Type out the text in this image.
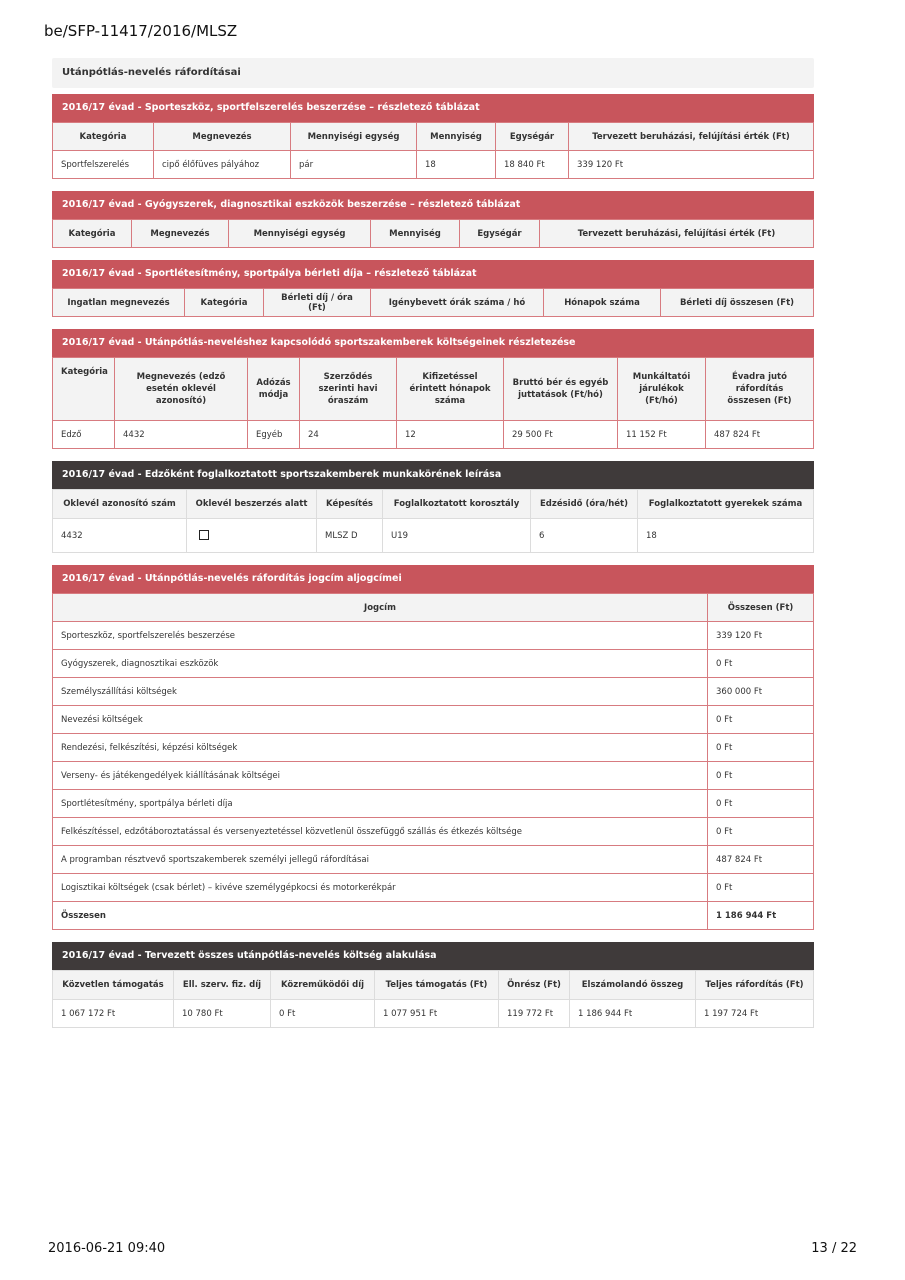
be/SFP-11417/2016/MLSZ
Utánpótlás-nevelés ráfordításai
2016/17 évad - Sporteszköz, sportfelszerelés beszerzése – részletező táblázat
Kategória	Megnevezés	Mennyiségi egység	Mennyiség	Egységár	Tervezett beruházási, felújítási érték (Ft)
Sportfelszerelés	cipő élőfüves pályához	pár	18	18 840 Ft	339 120 Ft
2016/17 évad - Gyógyszerek, diagnosztikai eszközök beszerzése – részletező táblázat
Kategória	Megnevezés	Mennyiségi egység	Mennyiség	Egységár	Tervezett beruházási, felújítási érték (Ft)
2016/17 évad - Sportlétesítmény, sportpálya bérleti díja – részletező táblázat
Ingatlan megnevezés	Kategória	Bérleti díj / óra (Ft)	Igénybevett órák száma / hó	Hónapok száma	Bérleti díj összesen (Ft)
2016/17 évad - Utánpótlás-neveléshez kapcsolódó sportszakemberek költségeinek részletezése
Kategória	Megnevezés (edző esetén oklevél azonosító)	Adózás módja	Szerződés szerinti havi óraszám	Kifizetéssel érintett hónapok száma	Bruttó bér és egyéb juttatások (Ft/hó)	Munkáltatói járulékok (Ft/hó)	Évadra jutó ráfordítás összesen (Ft)
Edző	4432	Egyéb	24	12	29 500 Ft	11 152 Ft	487 824 Ft
2016/17 évad - Edzőként foglalkoztatott sportszakemberek munkakörének leírása
Oklevél azonosító szám	Oklevél beszerzés alatt	Képesítés	Foglalkoztatott korosztály	Edzésidő (óra/hét)	Foglalkoztatott gyerekek száma
4432		MLSZ D	U19	6	18
2016/17 évad - Utánpótlás-nevelés ráfordítás jogcím aljogcímei
Jogcím	Összesen (Ft)
Sporteszköz, sportfelszerelés beszerzése	339 120 Ft
Gyógyszerek, diagnosztikai eszközök	0 Ft
Személyszállítási költségek	360 000 Ft
Nevezési költségek	0 Ft
Rendezési, felkészítési, képzési költségek	0 Ft
Verseny- és játékengedélyek kiállításának költségei	0 Ft
Sportlétesítmény, sportpálya bérleti díja	0 Ft
Felkészítéssel, edzőtáboroztatással és versenyeztetéssel közvetlenül összefüggő szállás és étkezés költsége	0 Ft
A programban résztvevő sportszakemberek személyi jellegű ráfordításai	487 824 Ft
Logisztikai költségek (csak bérlet) – kivéve személygépkocsi és motorkerékpár	0 Ft
Összesen	1 186 944 Ft
2016/17 évad - Tervezett összes utánpótlás-nevelés költség alakulása
Közvetlen támogatás	Ell. szerv. fiz. díj	Közreműködői díj	Teljes támogatás (Ft)	Önrész (Ft)	Elszámolandó összeg	Teljes ráfordítás (Ft)
1 067 172 Ft	10 780 Ft	0 Ft	1 077 951 Ft	119 772 Ft	1 186 944 Ft	1 197 724 Ft
2016-06-21 09:40	13 / 22
